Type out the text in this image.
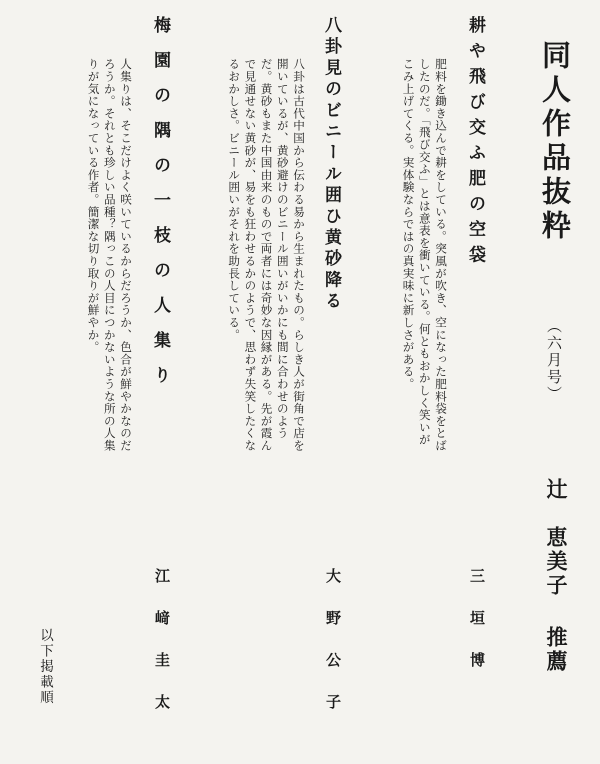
同人作品抜粋
（六月号）
辻　恵美子推薦
耕や飛び交ふ肥の空袋
肥料を鋤き込んで耕をしている。突風が吹き、空になった肥料袋をとばしたのだ。「飛び交ふ」とは意表を衝いている。何ともおかしく笑いがこみ上げてくる。実体験ならではの真実味に新しさがある。
三垣博
八卦見のビニール囲ひ黄砂降る
八卦は古代中国から伝わる易から生まれたもの。らしき人が街角で店を開いているが、黄砂避けのビニール囲いがいかにも間に合わせのようだ。黄砂もまた中国由来のもので両者には奇妙な因縁がある。先が霞んで見通せない黄砂が、易をも狂わせるかのようで、思わず失笑したくなるおかしさ。ビニール囲いがそれを助長している。
大野公子
梅園の隅の一枝の人集り
人集りは、そこだけよく咲いているからだろうか、色合が鮮やかなのだろうか。それとも珍しい品種？隅っこの人目につかないような所の人集りが気になっている作者。簡潔な切り取りが鮮やか。
江﨑圭太
以下掲載順
